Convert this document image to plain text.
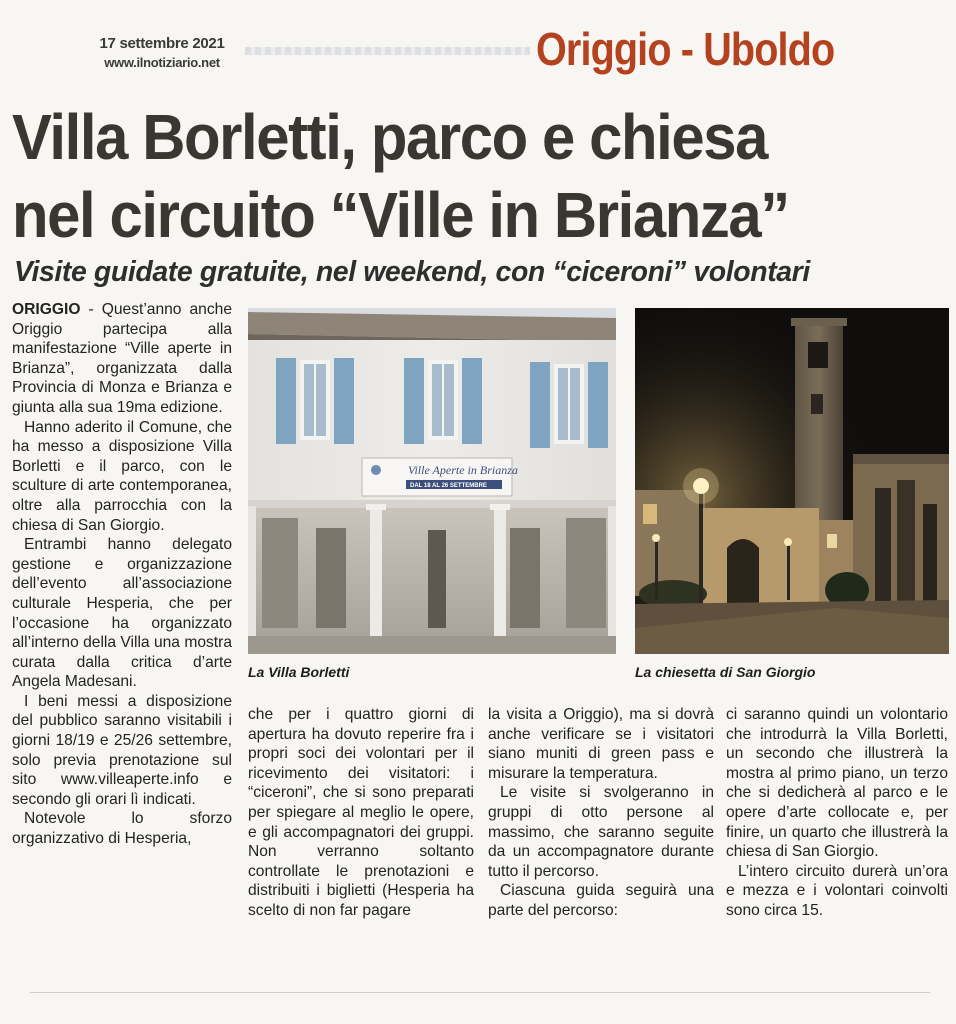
17 settembre 2021
www.ilnotiziario.net	Origgio - Uboldo
Villa Borletti, parco e chiesa
nel circuito “Ville in Brianza”
Visite guidate gratuite, nel weekend, con “ciceroni” volontari

ORIGGIO - Quest’anno anche Origgio partecipa alla manifestazione “Ville aperte in Brianza”, organizzata dalla Provincia di Monza e Brianza e giunta alla sua 19ma edizione.

Hanno aderito il Comune, che ha messo a disposizione Villa Borletti e il parco, con le sculture di arte contemporanea, oltre alla parrocchia con la chiesa di San Giorgio.

Entrambi hanno delegato gestione e organizzazione dell’evento all’associazione culturale Hesperia, che per l’occasione ha organizzato all’interno della Villa una mostra curata dalla critica d’arte Angela Madesani.

I beni messi a disposizione del pubblico saranno visitabili i giorni 18/19 e 25/26 settembre, solo previa prenotazione sul sito www.villeaperte.info e secondo gli orari lì indicati.

Notevole lo sforzo organizzativo di Hesperia,

Ville Aperte in Brianza
DAL 18 AL 26 SETTEMBRE
La Villa Borletti	La chiesetta di San Giorgio

che per i quattro giorni di apertura ha dovuto reperire fra i propri soci dei volontari per il ricevimento dei visitatori: i “ciceroni”, che si sono preparati per spiegare al meglio le opere, e gli accompagnatori dei gruppi. Non verranno soltanto controllate le prenotazioni e distribuiti i biglietti (Hesperia ha scelto di non far pagare

la visita a Origgio), ma si dovrà anche verificare se i visitatori siano muniti di green pass e misurare la temperatura.

Le visite si svolgeranno in gruppi di otto persone al massimo, che saranno seguite da un accompagnatore durante tutto il percorso.

Ciascuna guida seguirà una parte del percorso:

ci saranno quindi un volontario che introdurrà la Villa Borletti, un secondo che illustrerà la mostra al primo piano, un terzo che si dedicherà al parco e le opere d’arte collocate e, per finire, un quarto che illustrerà la chiesa di San Giorgio.

L’intero circuito durerà un’ora e mezza e i volontari coinvolti sono circa 15.
